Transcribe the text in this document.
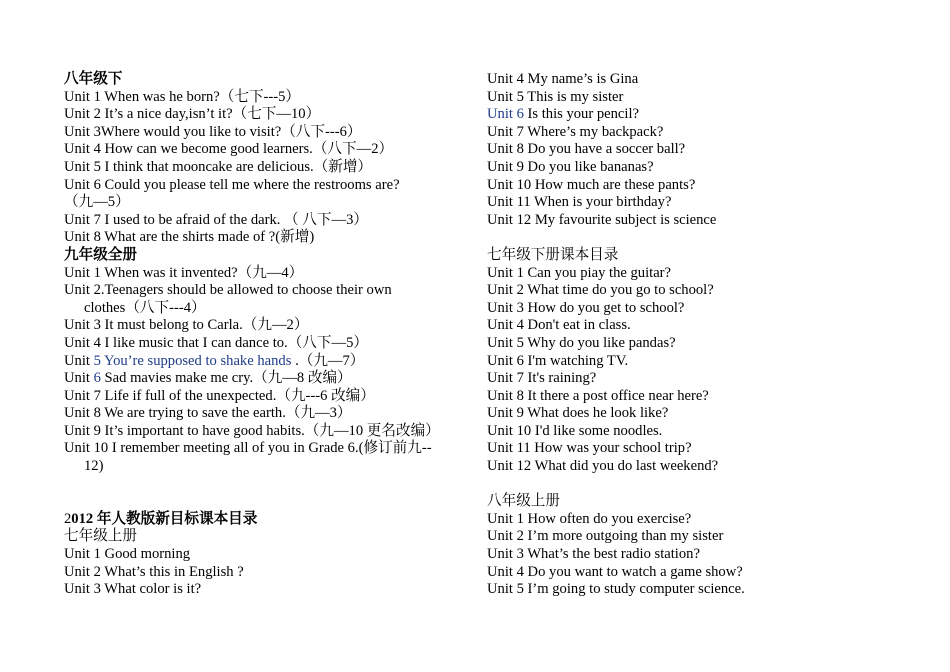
八年级下
Unit 1 When was he born?（七下---5）
Unit 2 It’s a nice day,isn’t it?（七下—10）
Unit 3Where would you like to visit?（八下---6）
Unit 4 How can we become good learners.（八下—2）
Unit 5 I think that mooncake are delicious.（新增）
Unit 6 Could you please tell me where the restrooms are?
（九—5）
Unit 7 I used to be afraid of the dark. （ 八下—3）
Unit 8 What are the shirts made of ?(新增)
九年级全册
Unit 1 When was it invented?（九—4）
Unit 2.Teenagers should be allowed to choose their own
clothes（八下---4）
Unit 3 It must belong to Carla.（九—2）
Unit 4 I like music that I can dance to.（八下—5）
Unit 5 You’re supposed to shake hands .（九—7）
Unit 6 Sad mavies make me cry.（九—8 改编）
Unit 7 Life if full of the unexpected.（九---6 改编）
Unit 8 We are trying to save the earth.（九—3）
Unit 9 It’s important to have good habits.（九—10 更名改编）
Unit 10 I remember meeting all of you in Grade 6.(修订前九--
12)
2012 年人教版新目标课本目录
七年级上册
Unit 1 Good morning
Unit 2 What’s this in English ?
Unit 3 What color is it?
Unit 4 My name’s is Gina
Unit 5 This is my sister
Unit 6 Is this your pencil?
Unit 7 Where’s my backpack?
Unit 8 Do you have a soccer ball?
Unit 9 Do you like bananas?
Unit 10 How much are these pants?
Unit 11 When is your birthday?
Unit 12 My favourite subject is science
七年级下册课本目录
Unit 1 Can you piay the guitar?
Unit 2 What time do you go to school?
Unit 3 How do you get to school?
Unit 4 Don't eat in class.
Unit 5 Why do you like pandas?
Unit 6 I'm watching TV.
Unit 7 It's raining?
Unit 8 It there a post office near here?
Unit 9 What does he look like?
Unit 10 I'd like some noodles.
Unit 11 How was your school trip?
Unit 12 What did you do last weekend?
八年级上册
Unit 1 How often do you exercise?
Unit 2 I’m more outgoing than my sister
Unit 3 What’s the best radio station?
Unit 4 Do you want to watch a game show?
Unit 5 I’m going to study computer science.
